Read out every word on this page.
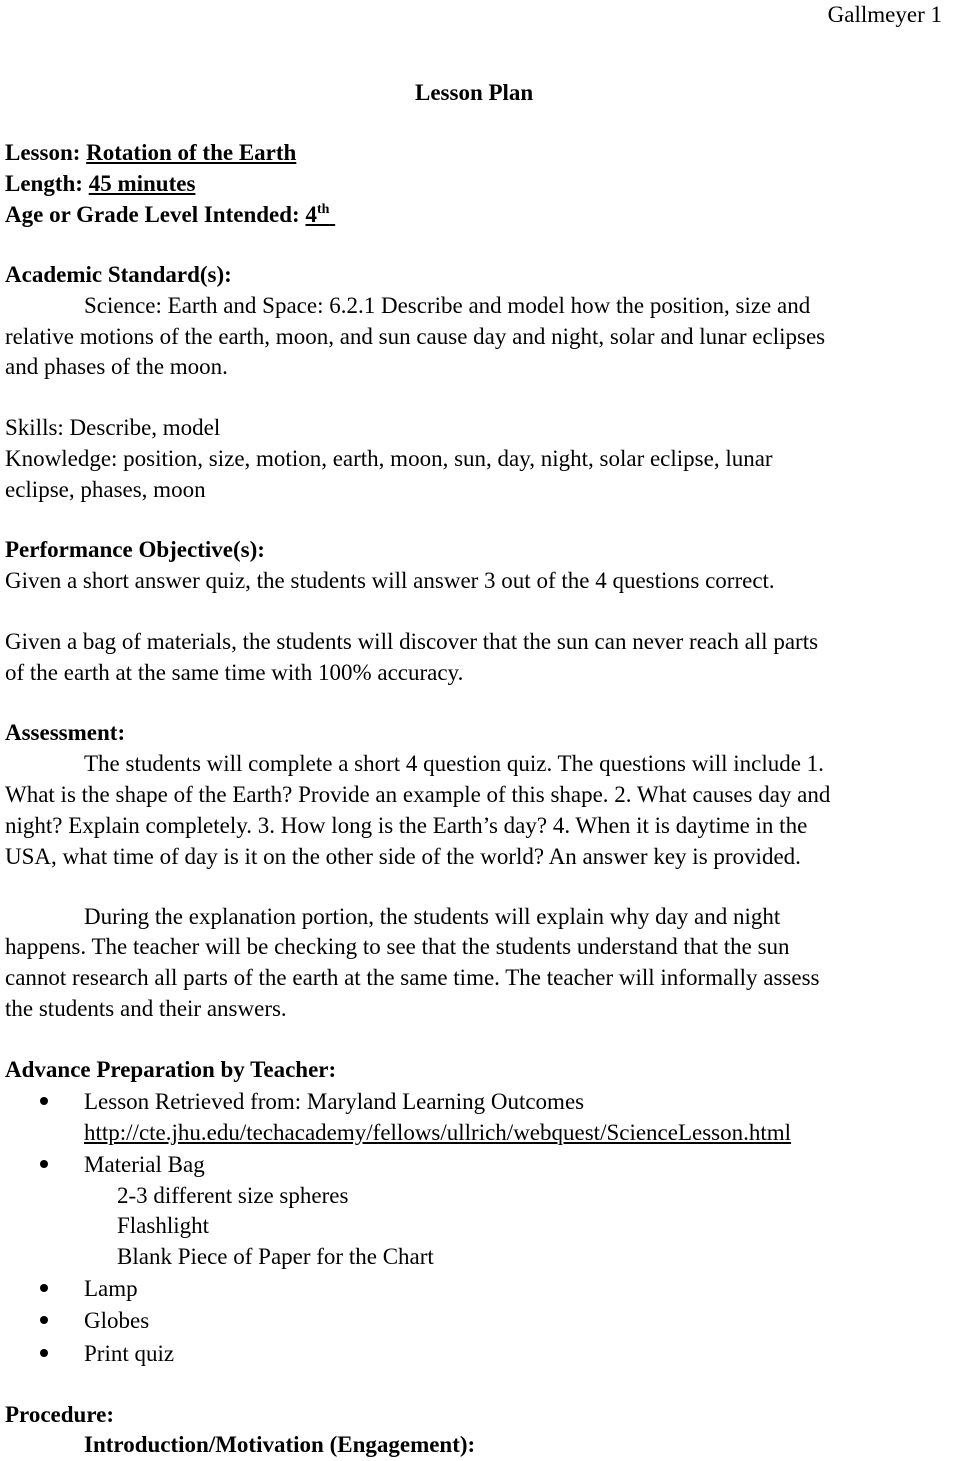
Gallmeyer 1
Lesson Plan
Lesson: Rotation of the Earth
Length: 45 minutes
Age or Grade Level Intended: 4th
Academic Standard(s):
Science: Earth and Space: 6.2.1 Describe and model how the position, size and
relative motions of the earth, moon, and sun cause day and night, solar and lunar eclipses
and phases of the moon.
Skills: Describe, model
Knowledge: position, size, motion, earth, moon, sun, day, night, solar eclipse, lunar
eclipse, phases, moon
Performance Objective(s):
Given a short answer quiz, the students will answer 3 out of the 4 questions correct.
Given a bag of materials, the students will discover that the sun can never reach all parts
of the earth at the same time with 100% accuracy.
Assessment:
The students will complete a short 4 question quiz. The questions will include 1.
What is the shape of the Earth? Provide an example of this shape. 2. What causes day and
night? Explain completely. 3. How long is the Earth’s day? 4. When it is daytime in the
USA, what time of day is it on the other side of the world? An answer key is provided.
During the explanation portion, the students will explain why day and night
happens. The teacher will be checking to see that the students understand that the sun
cannot research all parts of the earth at the same time. The teacher will informally assess
the students and their answers.
Advance Preparation by Teacher:
Lesson Retrieved from: Maryland Learning Outcomes
http://cte.jhu.edu/techacademy/fellows/ullrich/webquest/ScienceLesson.html
Material Bag
2-3 different size spheres
Flashlight
Blank Piece of Paper for the Chart
Lamp
Globes
Print quiz
Procedure:
Introduction/Motivation (Engagement):
